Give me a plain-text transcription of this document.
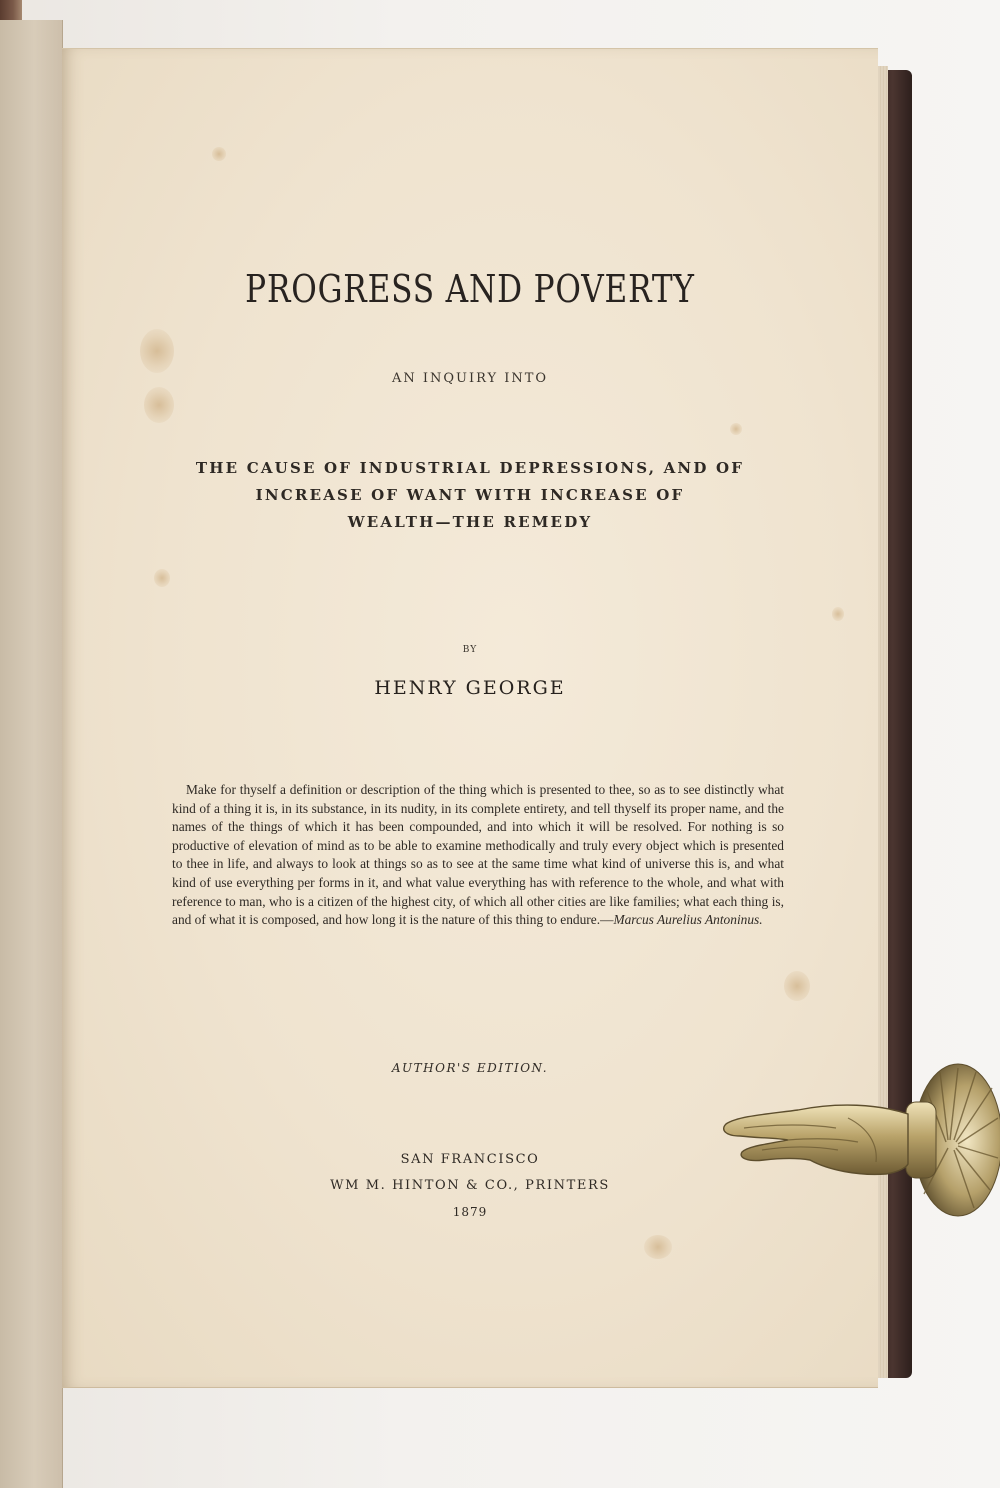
PROGRESS AND POVERTY
AN INQUIRY INTO
THE CAUSE OF INDUSTRIAL DEPRESSIONS, AND OF
INCREASE OF WANT WITH INCREASE OF
WEALTH—THE REMEDY
BY
HENRY GEORGE
Make for thyself a definition or description of the thing which is presented to thee, so as to see distinctly what kind of a thing it is, in its substance, in its nudity, in its complete entirety, and tell thyself its proper name, and the names of the things of which it has been compounded, and into which it will be resolved. For nothing is so productive of elevation of mind as to be able to examine methodically and truly every object which is presented to thee in life, and always to look at things so as to see at the same time what kind of universe this is, and what kind of use everything per forms in it, and what value everything has with reference to the whole, and what with reference to man, who is a citizen of the highest city, of which all other cities are like families; what each thing is, and of what it is composed, and how long it is the nature of this thing to endure.—Marcus Aurelius Antoninus.
AUTHOR'S EDITION.
SAN FRANCISCO
WM M. HINTON & CO., PRINTERS
1879
